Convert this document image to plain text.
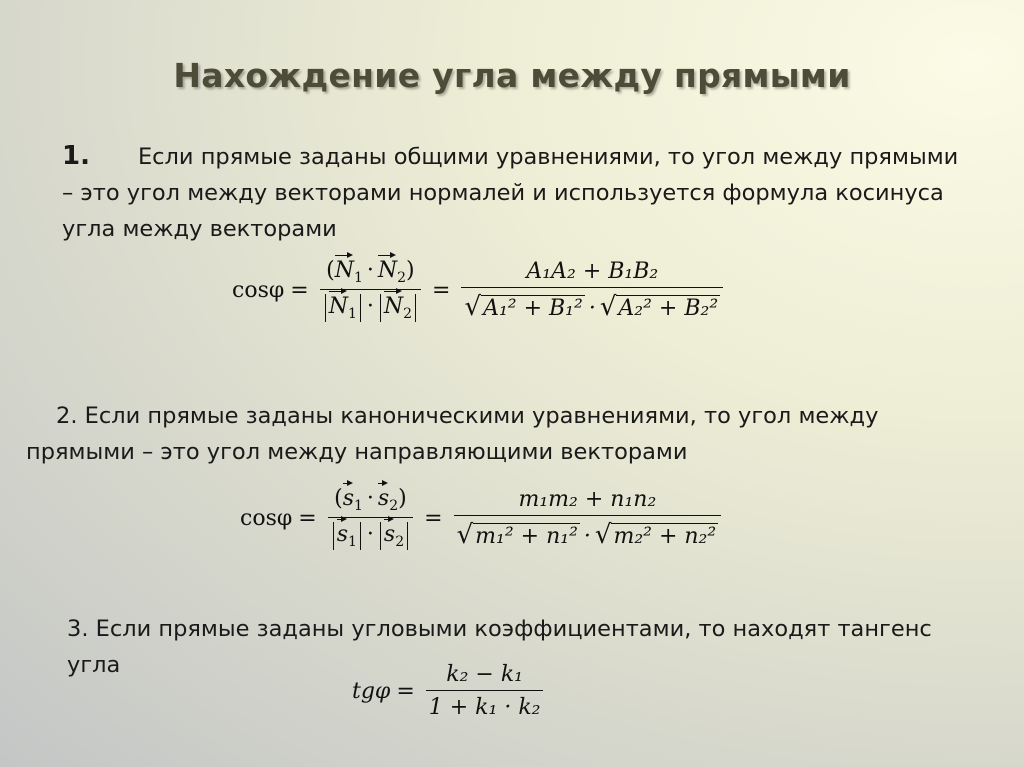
Нахождение угла между прямыми
1. Если прямые заданы общими уравнениями, то угол между прямыми – это угол между векторами нормалей и используется формула косинуса угла между векторами
$\cos\varphi = \frac{(N_1 \cdot N_2)}{N_1 \cdot N_2} = \frac{\text{A₁A₂ + B₁B₂}}{\text{√A₁² + B₁² · √A₂² + B₂²}}$
2. Если прямые заданы каноническими уравнениями, то угол между прямыми – это угол между направляющими векторами
$\cos\varphi = \frac{(s_1 \cdot s_2)}{s_1 \cdot s_2} = \frac{\text{m₁m₂ + n₁n₂}}{\text{√m₁² + n₁² · √m₂² + n₂²}}$
3. Если прямые заданы угловыми коэффициентами, то находят тангенс угла
$tg\varphi = \frac{\text{k₂ − k₁}}{\text{1 + k₁ · k₂}}$
